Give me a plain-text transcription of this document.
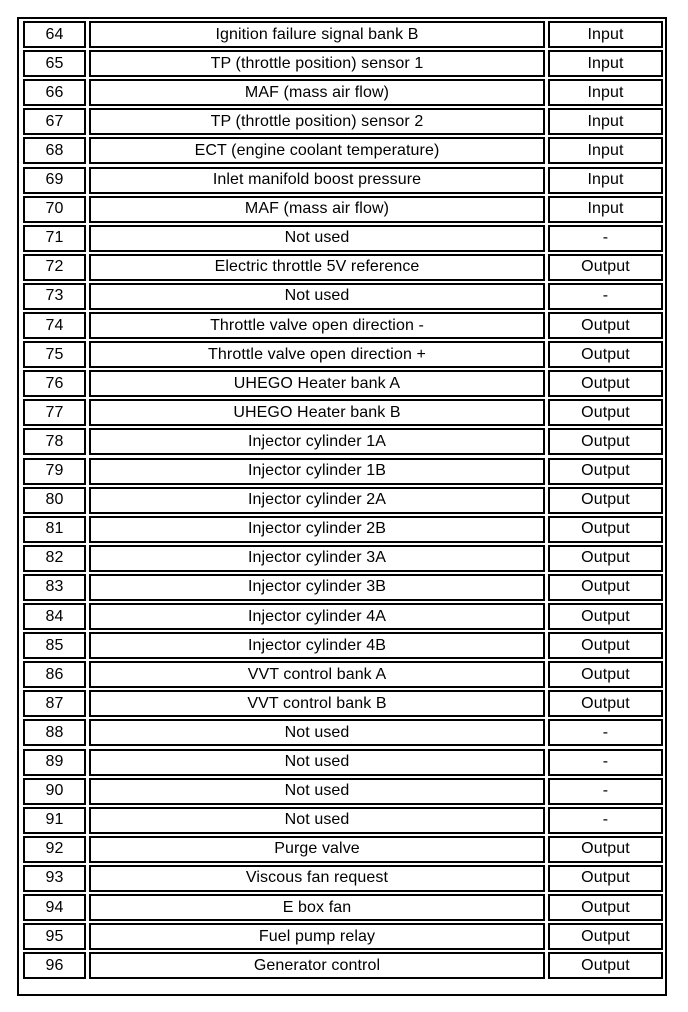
64	Ignition failure signal bank B	Input
65	TP (throttle position) sensor 1	Input
66	MAF (mass air flow)	Input
67	TP (throttle position) sensor 2	Input
68	ECT (engine coolant temperature)	Input
69	Inlet manifold boost pressure	Input
70	MAF (mass air flow)	Input
71	Not used	-
72	Electric throttle 5V reference	Output
73	Not used	-
74	Throttle valve open direction -	Output
75	Throttle valve open direction +	Output
76	UHEGO Heater bank A	Output
77	UHEGO Heater bank B	Output
78	Injector cylinder 1A	Output
79	Injector cylinder 1B	Output
80	Injector cylinder 2A	Output
81	Injector cylinder 2B	Output
82	Injector cylinder 3A	Output
83	Injector cylinder 3B	Output
84	Injector cylinder 4A	Output
85	Injector cylinder 4B	Output
86	VVT control bank A	Output
87	VVT control bank B	Output
88	Not used	-
89	Not used	-
90	Not used	-
91	Not used	-
92	Purge valve	Output
93	Viscous fan request	Output
94	E box fan	Output
95	Fuel pump relay	Output
96	Generator control	Output
